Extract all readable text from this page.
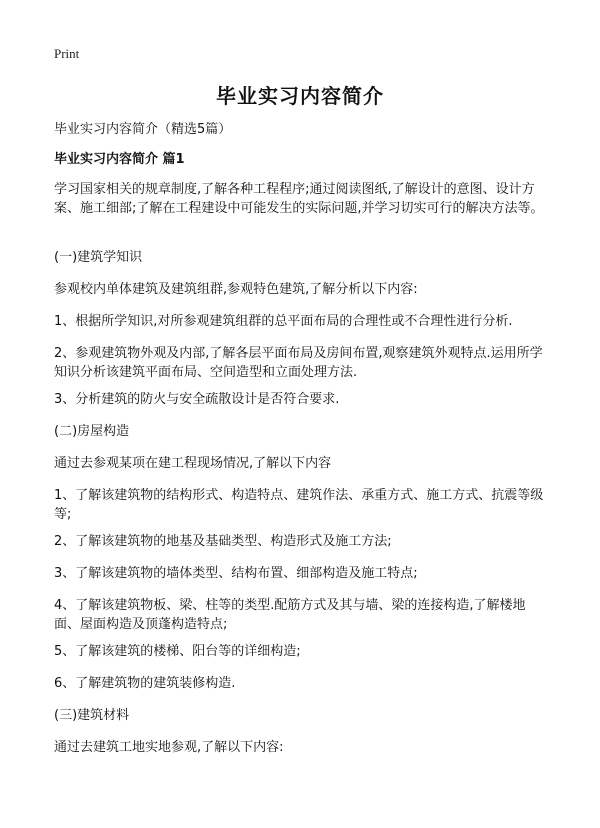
Print
毕业实习内容简介

毕业实习内容简介（精选5篇）

毕业实习内容简介 篇1

学习国家相关的规章制度,了解各种工程程序;通过阅读图纸,了解设计的意图、设计方案、施工细部;了解在工程建设中可能发生的实际问题,并学习切实可行的解决方法等。

(一)建筑学知识

参观校内单体建筑及建筑组群,参观特色建筑,了解分析以下内容:

1、根据所学知识,对所参观建筑组群的总平面布局的合理性或不合理性进行分析.

2、参观建筑物外观及内部,了解各层平面布局及房间布置,观察建筑外观特点.运用所学知识分析该建筑平面布局、空间造型和立面处理方法.

3、分析建筑的防火与安全疏散设计是否符合要求.

(二)房屋构造

通过去参观某项在建工程现场情况,了解以下内容

1、了解该建筑物的结构形式、构造特点、建筑作法、承重方式、施工方式、抗震等级等;

2、了解该建筑物的地基及基础类型、构造形式及施工方法;

3、了解该建筑物的墙体类型、结构布置、细部构造及施工特点;

4、了解该建筑物板、梁、柱等的类型.配筋方式及其与墙、梁的连接构造,了解楼地面、屋面构造及顶蓬构造特点;

5、了解该建筑的楼梯、阳台等的详细构造;

6、了解建筑物的建筑装修构造.

(三)建筑材料

通过去建筑工地实地参观,了解以下内容:
